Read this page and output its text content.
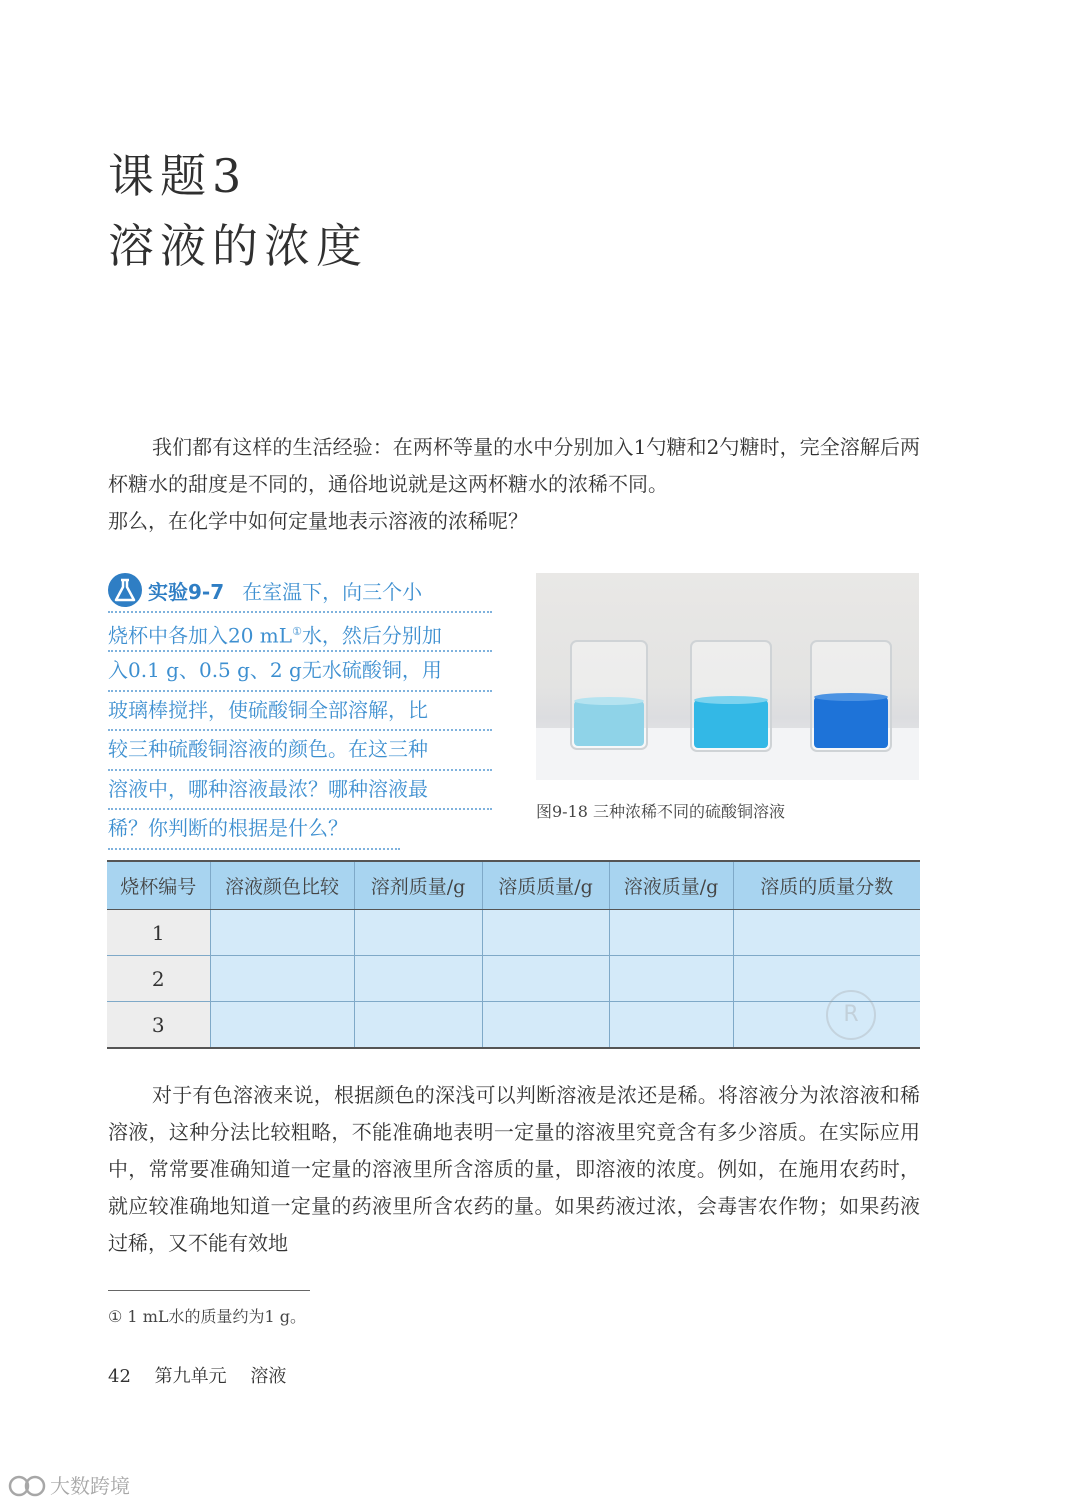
课题3
溶液的浓度

我们都有这样的生活经验：在两杯等量的水中分别加入1勺糖和2勺糖时，完全溶解后两杯糖水的甜度是不同的，通俗地说就是这两杯糖水的浓稀不同。

那么，在化学中如何定量地表示溶液的浓稀呢？

实验9-7 在室温下，向三个小
烧杯中各加入20 mL①水，然后分别加
入0.1 g、0.5 g、2 g无水硫酸铜，用
玻璃棒搅拌，使硫酸铜全部溶解，比
较三种硫酸铜溶液的颜色。在这三种
溶液中，哪种溶液最浓？哪种溶液最
稀？你判断的根据是什么？
图9-18 三种浓稀不同的硫酸铜溶液
烧杯编号	溶液颜色比较	溶剂质量/g	溶质质量/g	溶液质量/g	溶质的质量分数
1					
2					
3						R

对于有色溶液来说，根据颜色的深浅可以判断溶液是浓还是稀。将溶液分为浓溶液和稀溶液，这种分法比较粗略，不能准确地表明一定量的溶液里究竟含有多少溶质。在实际应用中，常常要准确知道一定量的溶液里所含溶质的量，即溶液的浓度。例如，在施用农药时，就应较准确地知道一定量的药液里所含农药的量。如果药液过浓，会毒害农作物；如果药液过稀，又不能有效地

① 1 mL水的质量约为1 g。
42 第九单元 溶液
大数跨境
